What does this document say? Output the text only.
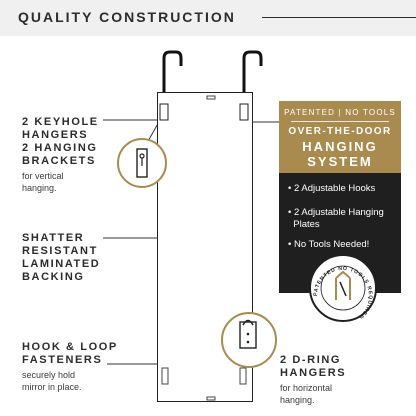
QUALITY CONSTRUCTION
2 KEYHOLE
HANGERS
2 HANGING
BRACKETS
for vertical
hanging.
SHATTER
RESISTANT
LAMINATED
BACKING
HOOK & LOOP
FASTENERS
securely hold
mirror in place.
2 D-RING
HANGERS
for horizontal
hanging.
PATENTED | NO TOOLS
OVER-THE-DOOR
HANGING
SYSTEM
• 2 Adjustable Hooks
• 2 Adjustable Hanging
Plates
• No Tools Needed!
PATENTED NO TOOLS REQUIRED
